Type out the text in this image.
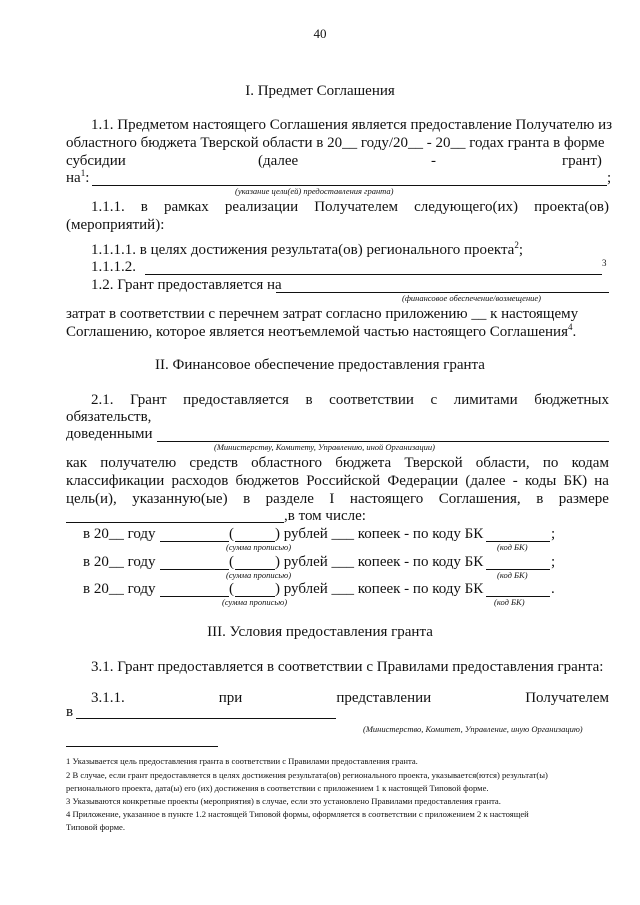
40
I. Предмет Соглашения
1.1. Предметом настоящего Соглашения является предоставление Получателю из
областного бюджета Тверской области в 20__ году/20__ - 20__ годах гранта в форме
субсидии	(далее	-	грант)
$на^1$:	;
(указание цели(ей) предоставления гранта)
1.1.1. в рамках реализации Получателем следующего(их) проекта(ов)
(мероприятий):
1.1.1.1. в целях достижения результата(ов) регионального проекта$^2$;
1.1.1.2.	3
1.2. Грант предоставляется на
(финансовое обеспечение/возмещение)
затрат в соответствии с перечнем затрат согласно приложению __ к настоящему
Соглашению, которое является неотъемлемой частью настоящего Соглашения$^4$.
II. Финансовое обеспечение предоставления гранта
2.1. Грант предоставляется в соответствии с лимитами бюджетных
обязательств,
доведенными
(Министерству, Комитету, Управлению, иной Организации)
как получателю средств областного бюджета Тверской области, по кодам
классификации расходов бюджетов Российской Федерации (далее - коды БК) на
цель(и), указанную(ые) в разделе I настоящего Соглашения, в размере
,в том числе:
в 20__ году	(	) рублей ___ копеек - по коду БК	;
(сумма прописью)	(код БК)
в 20__ году	(	) рублей ___ копеек - по коду БК	;
(сумма прописью)	(код БК)
в 20__ году	(	) рублей ___ копеек - по коду БК	.
(сумма прописью)	(код БК)
III. Условия предоставления гранта
3.1. Грант предоставляется в соответствии с Правилами предоставления гранта:
3.1.1.	при	представлении	Получателем
в
(Министерство, Комитет, Управление, иную Организацию)
1 Указывается цель предоставления гранта в соответствии с Правилами предоставления гранта.
2 В случае, если грант предоставляется в целях достижения результата(ов) регионального проекта, указывается(ются) результат(ы)
регионального проекта, дата(ы) его (их) достижения в соответствии с приложением 1 к настоящей Типовой форме.
3 Указываются конкретные проекты (мероприятия) в случае, если это установлено Правилами предоставления гранта.
4 Приложение, указанное в пункте 1.2 настоящей Типовой формы, оформляется в соответствии с приложением 2 к настоящей
Типовой форме.
